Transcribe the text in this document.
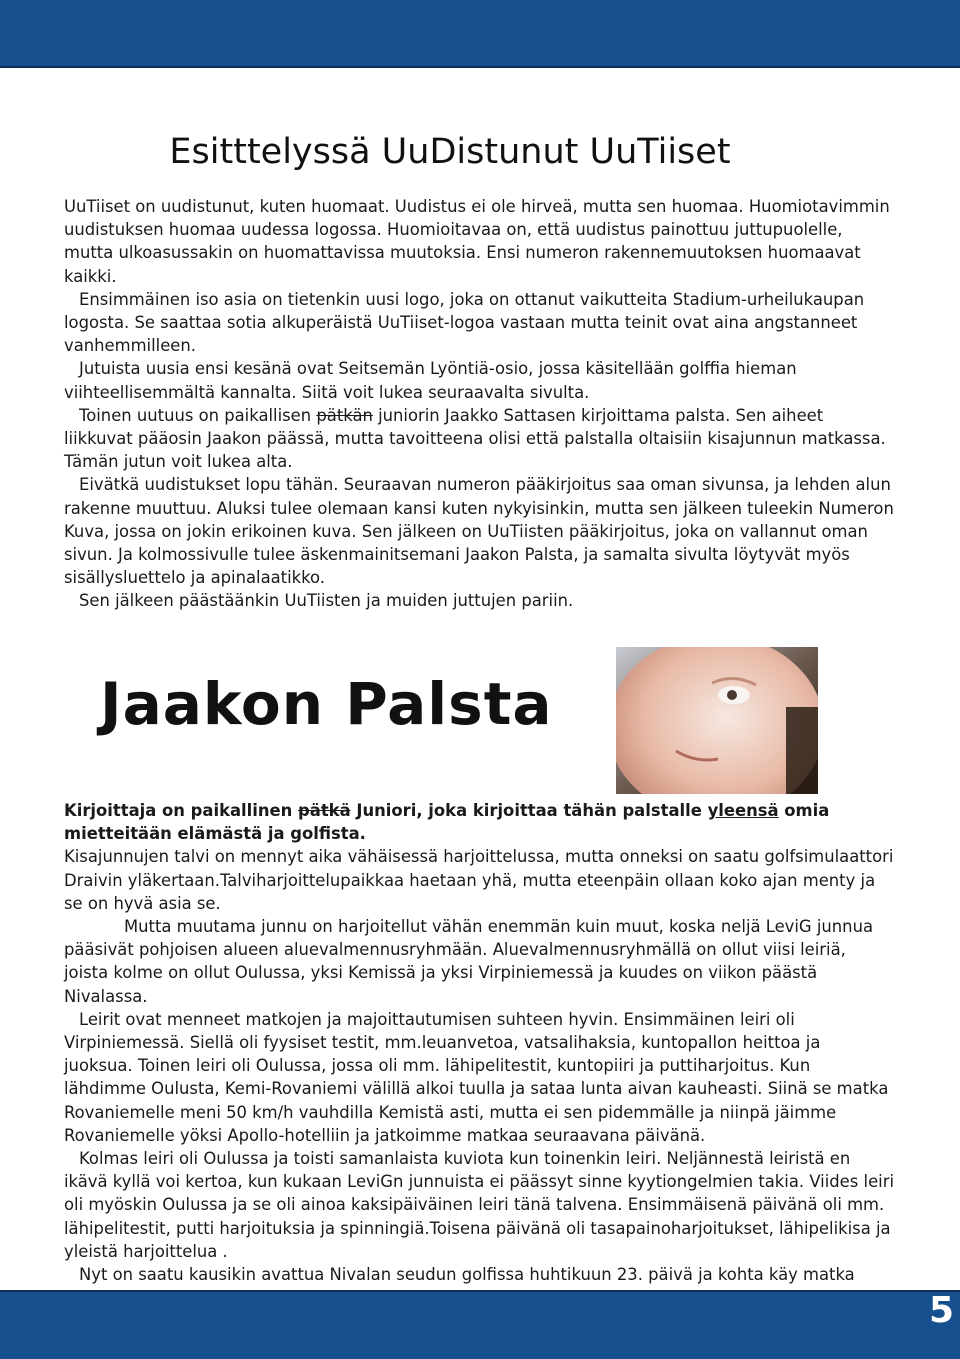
Esitttelyssä UuDistunut UuTiiset

UuTiiset on uudistunut, kuten huomaat. Uudistus ei ole hirveä, mutta sen huomaa. Huomiotavimmin uudistuksen huomaa uudessa logossa. Huomioitavaa on, että uudistus painottuu juttupuolelle, mutta ulkoasussakin on huomattavissa muutoksia. Ensi numeron rakennemuutoksen huomaavat kaikki.

Ensimmäinen iso asia on tietenkin uusi logo, joka on ottanut vaikutteita Stadium-urheilukaupan logosta. Se saattaa sotia alkuperäistä UuTiiset-logoa vastaan mutta teinit ovat aina angstanneet vanhemmilleen.

Jutuista uusia ensi kesänä ovat Seitsemän Lyöntiä-osio, jossa käsitellään golffia hieman viihteellisemmältä kannalta. Siitä voit lukea seuraavalta sivulta.

Toinen uutuus on paikallisen pätkän juniorin Jaakko Sattasen kirjoittama palsta. Sen aiheet liikkuvat pääosin Jaakon päässä, mutta tavoitteena olisi että palstalla oltaisiin kisajunnun matkassa. Tämän jutun voit lukea alta.

Eivätkä uudistukset lopu tähän. Seuraavan numeron pääkirjoitus saa oman sivunsa, ja lehden alun rakenne muuttuu. Aluksi tulee olemaan kansi kuten nykyisinkin, mutta sen jälkeen tuleekin Numeron Kuva, jossa on jokin erikoinen kuva. Sen jälkeen on UuTiisten pääkirjoitus, joka on vallannut oman sivun. Ja kolmossivulle tulee äskenmainitsemani Jaakon Palsta, ja samalta sivulta löytyvät myös sisällysluettelo ja apinalaatikko.

Sen jälkeen päästäänkin UuTiisten ja muiden juttujen pariin.

Jaakon Palsta

Kirjoittaja on paikallinen pätkä Juniori, joka kirjoittaa tähän palstalle yleensä omia mietteitään elämästä ja golfista.

Kisajunnujen talvi on mennyt aika vähäisessä harjoittelussa, mutta onneksi on saatu golfsimulaattori Draivin yläkertaan.Talviharjoittelupaikkaa haetaan yhä, mutta eteenpäin ollaan koko ajan menty ja se on hyvä asia se.

Mutta muutama junnu on harjoitellut vähän enemmän kuin muut, koska neljä LeviG junnua pääsivät pohjoisen alueen aluevalmennusryhmään. Aluevalmennusryhmällä on ollut viisi leiriä, joista kolme on ollut Oulussa, yksi Kemissä ja yksi Virpiniemessä ja kuudes on viikon päästä Nivalassa.

Leirit ovat menneet matkojen ja majoittautumisen suhteen hyvin. Ensimmäinen leiri oli Virpiniemessä. Siellä oli fyysiset testit, mm.leuanvetoa, vatsalihaksia, kuntopallon heittoa ja juoksua. Toinen leiri oli Oulussa, jossa oli mm. lähipelitestit, kuntopiiri ja puttiharjoitus. Kun lähdimme Oulusta, Kemi-Rovaniemi välillä alkoi tuulla ja sataa lunta aivan kauheasti. Siinä se matka Rovaniemelle meni 50 km/h vauhdilla Kemistä asti, mutta ei sen pidemmälle ja niinpä jäimme Rovaniemelle yöksi Apollo-hotelliin ja jatkoimme matkaa seuraavana päivänä.

Kolmas leiri oli Oulussa ja toisti samanlaista kuviota kun toinenkin leiri. Neljännestä leiristä en ikävä kyllä voi kertoa, kun kukaan LeviGn junnuista ei päässyt sinne kyytiongelmien takia. Viides leiri oli myöskin Oulussa ja se oli ainoa kaksipäiväinen leiri tänä talvena. Ensimmäisenä päivänä oli mm. lähipelitestit, putti harjoituksia ja spinningiä.Toisena päivänä oli tasapainoharjoitukset, lähipelikisa ja yleistä harjoittelua .

Nyt on saatu kausikin avattua Nivalan seudun golfissa huhtikuun 23. päivä ja kohta käy matka

5
